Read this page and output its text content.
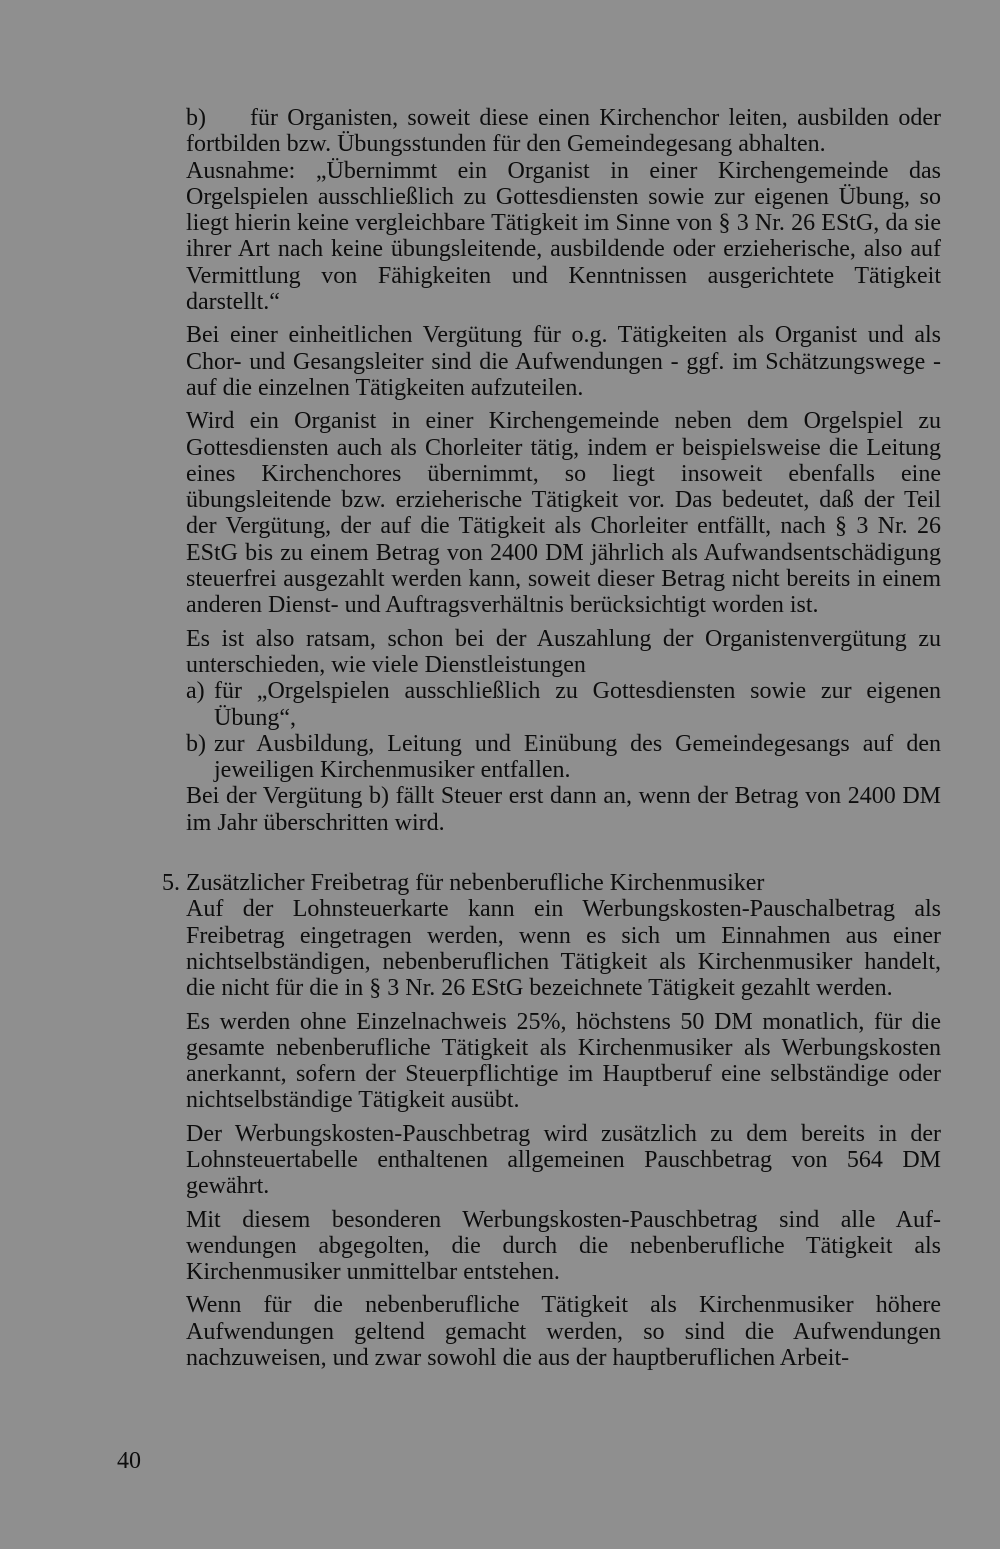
b)	für Organisten, soweit diese einen Kirchenchor leiten, ausbilden oder fortbilden bzw. Übungsstunden für den Gemeindegesang abhalten.

Ausnahme: „Übernimmt ein Organist in einer Kirchengemeinde das Orgelspielen ausschließlich zu Gottesdiensten sowie zur eigenen Übung, so liegt hierin keine vergleichbare Tätigkeit im Sinne von § 3 Nr. 26 EStG, da sie ihrer Art nach keine übungsleitende, ausbildende oder erzieherische, also auf Vermittlung von Fähigkeiten und Kenntnissen ausgerichtete Tätigkeit darstellt.“

Bei einer einheitlichen Vergütung für o.g. Tätigkeiten als Organist und als Chor- und Gesangsleiter sind die Aufwendungen - ggf. im Schätzungswege - auf die einzelnen Tätigkeiten aufzuteilen.

Wird ein Organist in einer Kirchengemeinde neben dem Orgelspiel zu Gottesdiensten auch als Chorleiter tätig, indem er beispielsweise die Leitung eines Kirchenchores übernimmt, so liegt insoweit ebenfalls eine übungsleitende bzw. erzieherische Tätigkeit vor. Das bedeutet, daß der Teil der Vergütung, der auf die Tätigkeit als Chorleiter entfällt, nach § 3 Nr. 26 EStG bis zu einem Betrag von 2400 DM jährlich als Aufwandsentschädigung steuerfrei ausgezahlt werden kann, soweit dieser Betrag nicht bereits in einem anderen Dienst- und Auftragsverhältnis berücksichtigt worden ist.

Es ist also ratsam, schon bei der Auszahlung der Organistenvergütung zu unterschieden, wie viele Dienstleistungen

a) für „Orgelspielen ausschließlich zu Gottesdiensten sowie zur eigenen Übung“,
b) zur Ausbildung, Leitung und Einübung des Gemeindegesangs auf den jeweiligen Kirchenmusiker entfallen.

Bei der Vergütung b) fällt Steuer erst dann an, wenn der Betrag von 2400 DM im Jahr überschritten wird.

5. Zusätzlicher Freibetrag für nebenberufliche Kirchenmusiker

Auf der Lohnsteuerkarte kann ein Werbungskosten-Pauschalbetrag als Freibetrag eingetragen werden, wenn es sich um Einnahmen aus einer nichtselbständigen, nebenberuflichen Tätigkeit als Kirchenmusiker handelt, die nicht für die in § 3 Nr. 26 EStG bezeichnete Tätigkeit gezahlt werden.

Es werden ohne Einzelnachweis 25%, höchstens 50 DM monatlich, für die gesamte nebenberufliche Tätigkeit als Kirchenmusiker als Werbungskosten anerkannt, sofern der Steuerpflichtige im Hauptberuf eine selbständige oder nichtselbständige Tätigkeit ausübt.

Der Werbungskosten-Pauschbetrag wird zusätzlich zu dem bereits in der Lohnsteuertabelle enthaltenen allgemeinen Pauschbetrag von 564 DM gewährt.

Mit diesem besonderen Werbungskosten-Pauschbetrag sind alle Aufwendungen abgegolten, die durch die nebenberufliche Tätigkeit als Kirchenmusiker unmittelbar entstehen.

Wenn für die nebenberufliche Tätigkeit als Kirchenmusiker höhere Aufwendungen geltend gemacht werden, so sind die Aufwendungen nachzuweisen, und zwar sowohl die aus der hauptberuflichen Arbeit-

40
